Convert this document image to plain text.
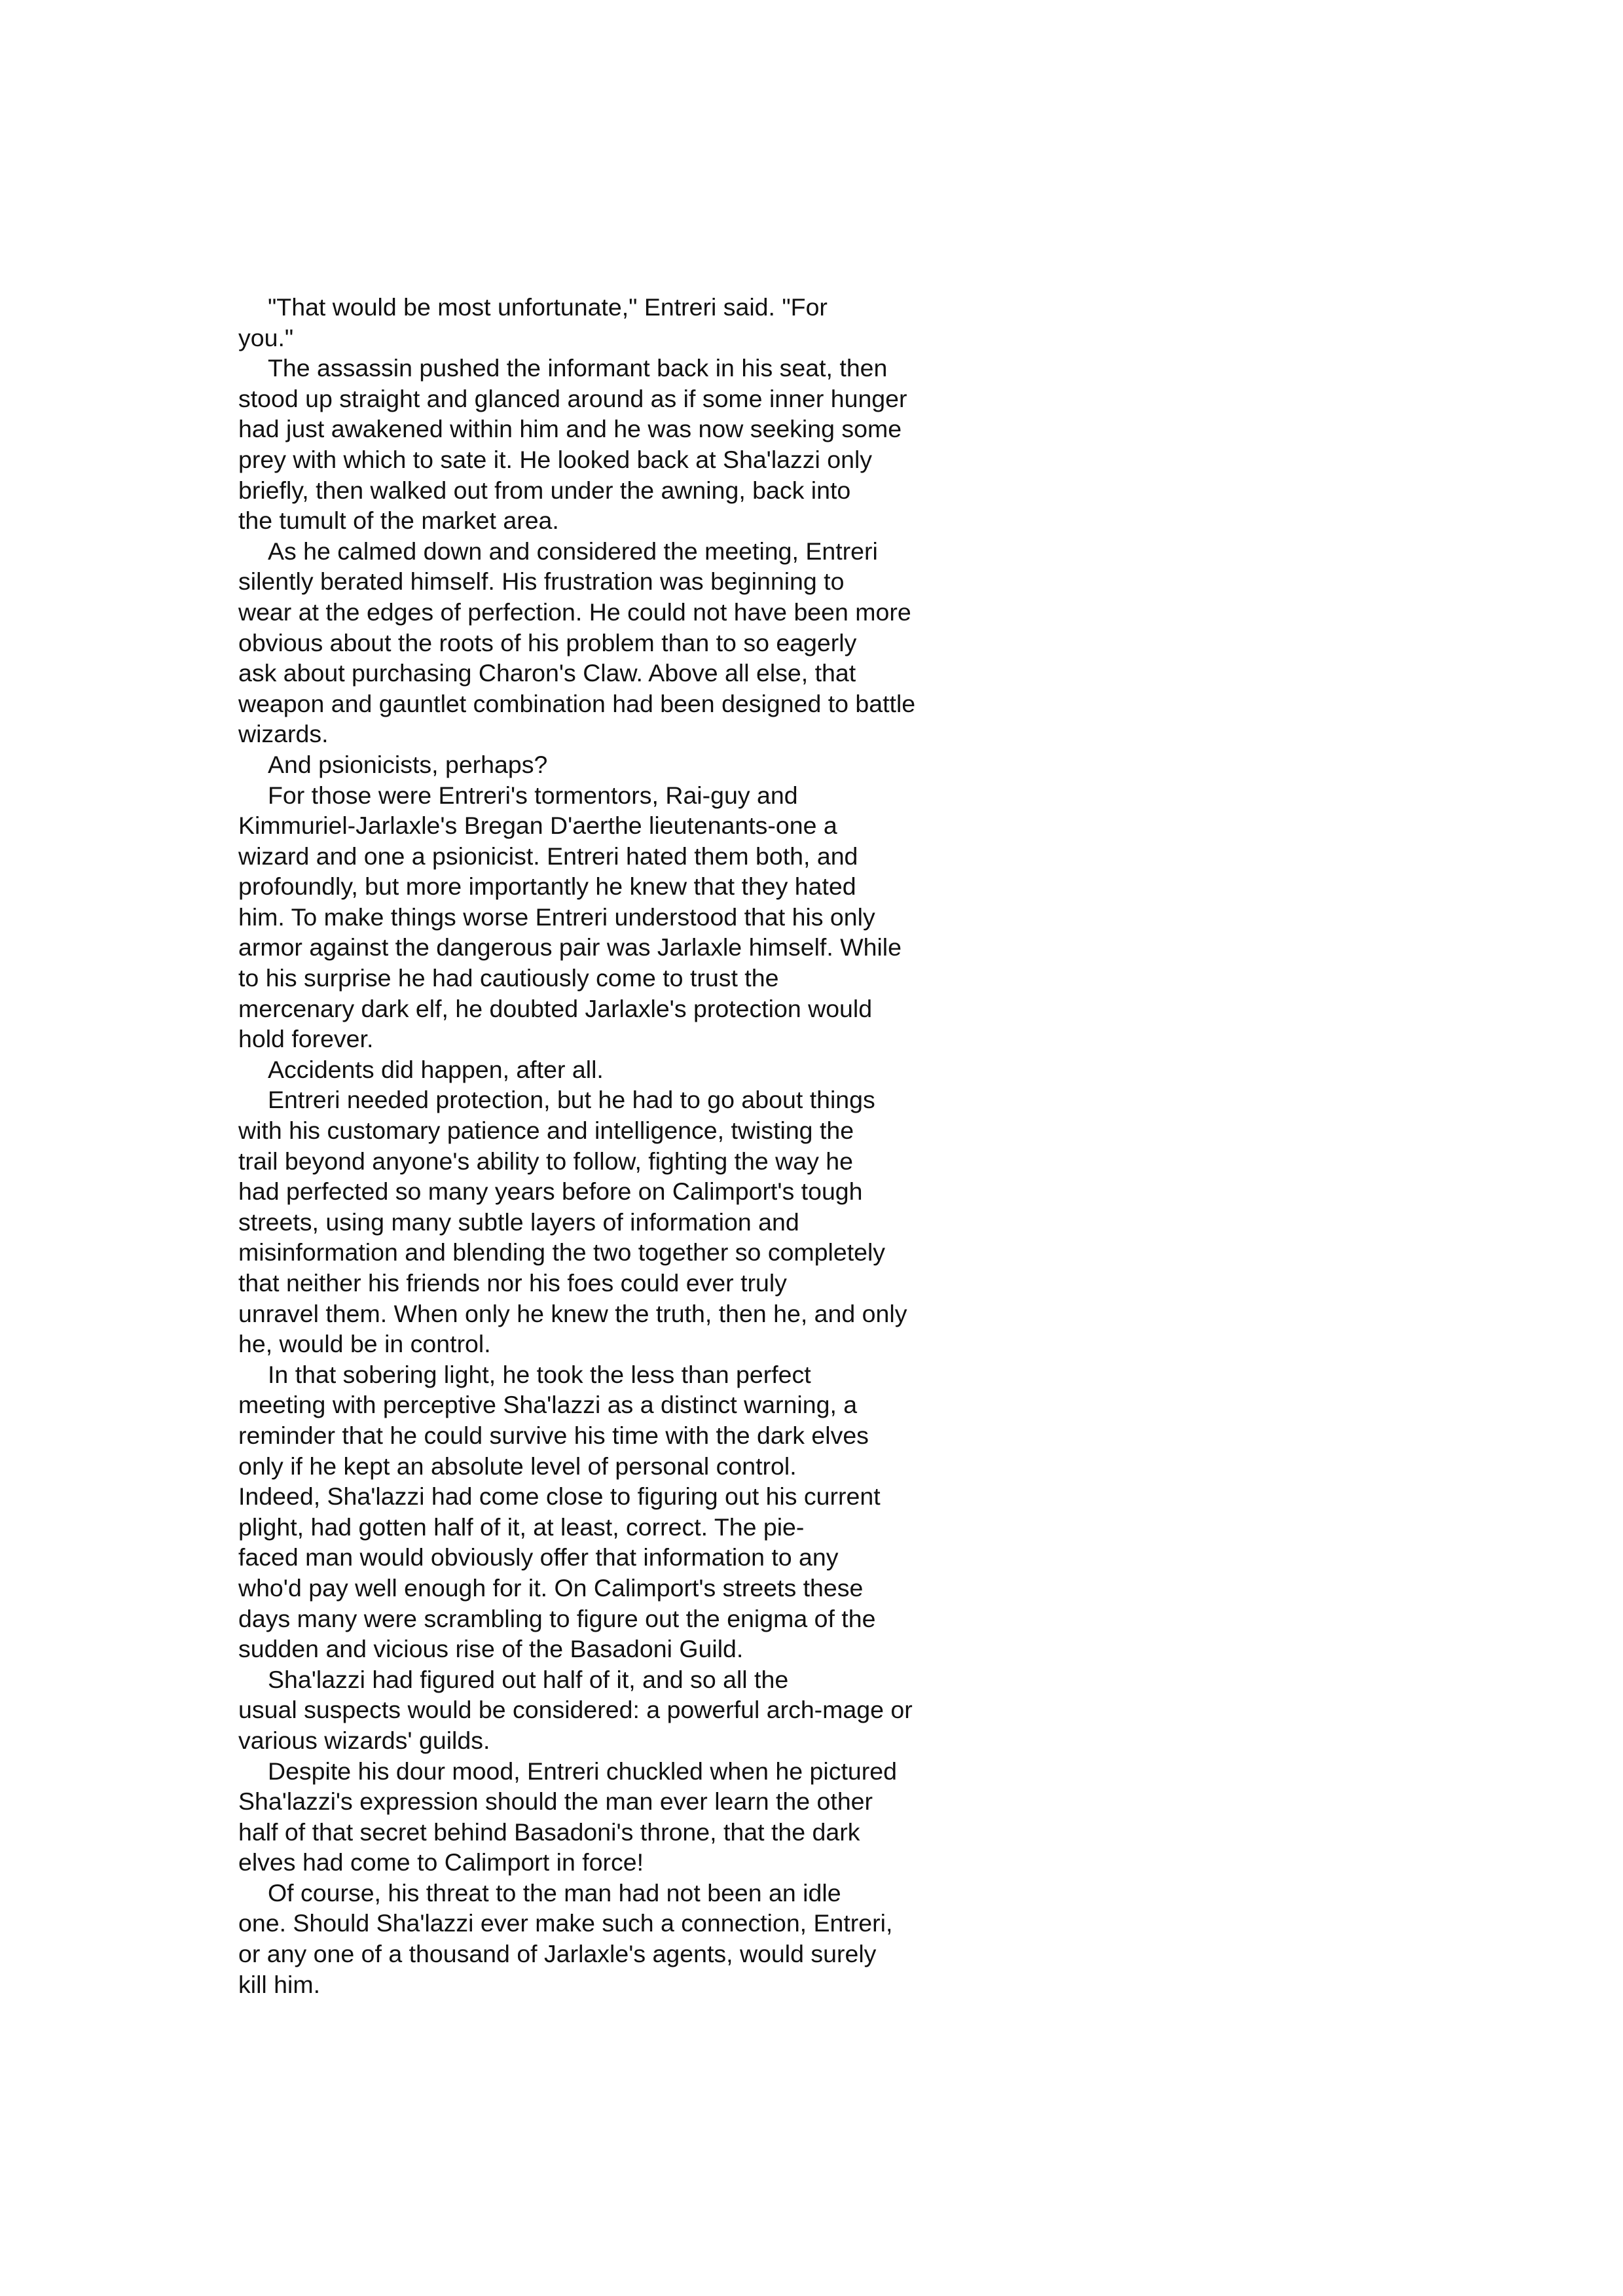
"That would be most unfortunate," Entreri said. "For
you."
The assassin pushed the informant back in his seat, then
stood up straight and glanced around as if some inner hunger
had just awakened within him and he was now seeking some
prey with which to sate it. He looked back at Sha'lazzi only
briefly, then walked out from under the awning, back into
the tumult of the market area.
As he calmed down and considered the meeting, Entreri
silently berated himself. His frustration was beginning to
wear at the edges of perfection. He could not have been more
obvious about the roots of his problem than to so eagerly
ask about purchasing Charon's Claw. Above all else, that
weapon and gauntlet combination had been designed to battle
wizards.
And psionicists, perhaps?
For those were Entreri's tormentors, Rai-guy and
Kimmuriel-Jarlaxle's Bregan D'aerthe lieutenants-one a
wizard and one a psionicist. Entreri hated them both, and
profoundly, but more importantly he knew that they hated
him. To make things worse Entreri understood that his only
armor against the dangerous pair was Jarlaxle himself. While
to his surprise he had cautiously come to trust the
mercenary dark elf, he doubted Jarlaxle's protection would
hold forever.
Accidents did happen, after all.
Entreri needed protection, but he had to go about things
with his customary patience and intelligence, twisting the
trail beyond anyone's ability to follow, fighting the way he
had perfected so many years before on Calimport's tough
streets, using many subtle layers of information and
misinformation and blending the two together so completely
that neither his friends nor his foes could ever truly
unravel them. When only he knew the truth, then he, and only
he, would be in control.
In that sobering light, he took the less than perfect
meeting with perceptive Sha'lazzi as a distinct warning, a
reminder that he could survive his time with the dark elves
only if he kept an absolute level of personal control.
Indeed, Sha'lazzi had come close to figuring out his current
plight, had gotten half of it, at least, correct. The pie-
faced man would obviously offer that information to any
who'd pay well enough for it. On Calimport's streets these
days many were scrambling to figure out the enigma of the
sudden and vicious rise of the Basadoni Guild.
Sha'lazzi had figured out half of it, and so all the
usual suspects would be considered: a powerful arch-mage or
various wizards' guilds.
Despite his dour mood, Entreri chuckled when he pictured
Sha'lazzi's expression should the man ever learn the other
half of that secret behind Basadoni's throne, that the dark
elves had come to Calimport in force!
Of course, his threat to the man had not been an idle
one. Should Sha'lazzi ever make such a connection, Entreri,
or any one of a thousand of Jarlaxle's agents, would surely
kill him.
